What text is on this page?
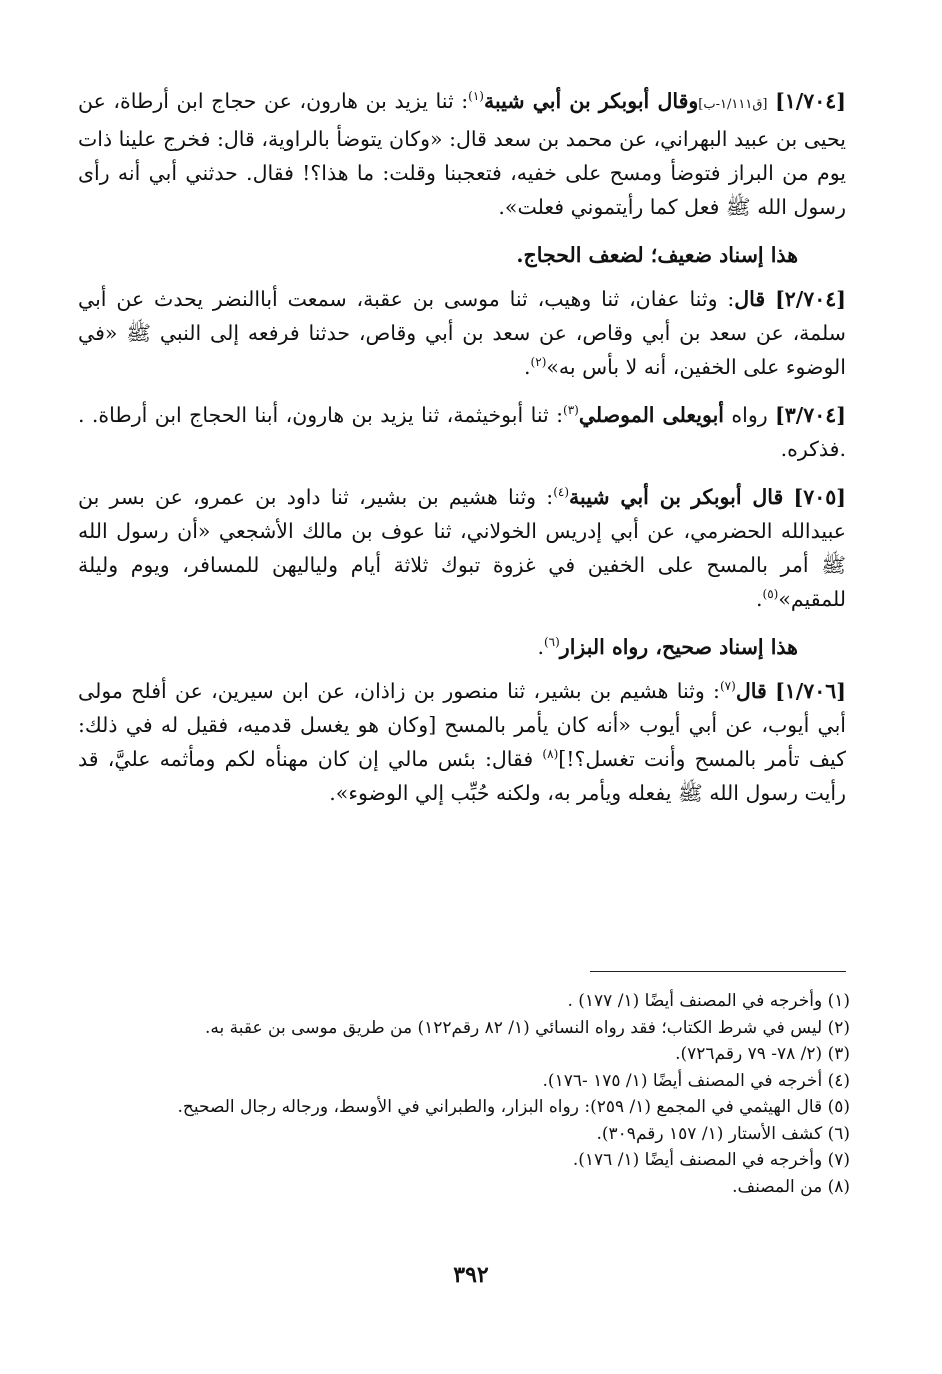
[١/٧٠٤] [ق١/١١١-ب]وقال أبوبكر بن أبي شيبة$^{(١)}$: ثنا يزيد بن هارون، عن حجاج ابن أرطاة، عن يحيى بن عبيد البهراني، عن محمد بن سعد قال: «وكان يتوضأ بالراوية، قال: فخرج علينا ذات يوم من البراز فتوضأ ومسح على خفيه، فتعجبنا وقلت: ما هذا؟! فقال. حدثني أبي أنه رأى رسول الله ﷺ فعل كما رأيتموني فعلت».

هذا إسناد ضعيف؛ لضعف الحجاج.

[٢/٧٠٤] قال: وثنا عفان، ثنا وهيب، ثنا موسى بن عقبة، سمعت أباالنضر يحدث عن أبي سلمة، عن سعد بن أبي وقاص، عن سعد بن أبي وقاص، حدثنا فرفعه إلى النبي ﷺ «في الوضوء على الخفين، أنه لا بأس به»$^{(٢)}$.

[٣/٧٠٤] رواه أبويعلى الموصلي$^{(٣)}$: ثنا أبوخيثمة، ثنا يزيد بن هارون، أبنا الحجاج ابن أرطاة. . .فذكره.

[٧٠٥] قال أبوبكر بن أبي شيبة$^{(٤)}$: وثنا هشيم بن بشير، ثنا داود بن عمرو، عن بسر بن عبيدالله الحضرمي، عن أبي إدريس الخولاني، ثنا عوف بن مالك الأشجعي «أن رسول الله ﷺ أمر بالمسح على الخفين في غزوة تبوك ثلاثة أيام ولياليهن للمسافر، ويوم وليلة للمقيم»$^{(٥)}$.

هذا إسناد صحيح، رواه البزار$^{(٦)}$.

[١/٧٠٦] قال$^{(٧)}$: وثنا هشيم بن بشير، ثنا منصور بن زاذان، عن ابن سيرين، عن أفلح مولى أبي أيوب، عن أبي أيوب «أنه كان يأمر بالمسح [وكان هو يغسل قدميه، فقيل له في ذلك: كيف تأمر بالمسح وأنت تغسل؟!]$^{(٨)}$ فقال: بئس مالي إن كان مهنأه لكم ومأثمه عليَّ، قد رأيت رسول الله ﷺ يفعله ويأمر به، ولكنه حُبِّب إلي الوضوء».

(١) وأخرجه في المصنف أيضًا (١/ ١٧٧) .
(٢) ليس في شرط الكتاب؛ فقد رواه النسائي (١/ ٨٢ رقم١٢٢) من طريق موسى بن عقبة به.
(٣) (٢/ ٧٨- ٧٩ رقم٧٢٦).
(٤) أخرجه في المصنف أيضًا (١/ ١٧٥ -١٧٦).
(٥) قال الهيثمي في المجمع (١/ ٢٥٩): رواه البزار، والطبراني في الأوسط، ورجاله رجال الصحيح.
(٦) كشف الأستار (١/ ١٥٧ رقم٣٠٩).
(٧) وأخرجه في المصنف أيضًا (١/ ١٧٦).
(٨) من المصنف.
٣٩٢
